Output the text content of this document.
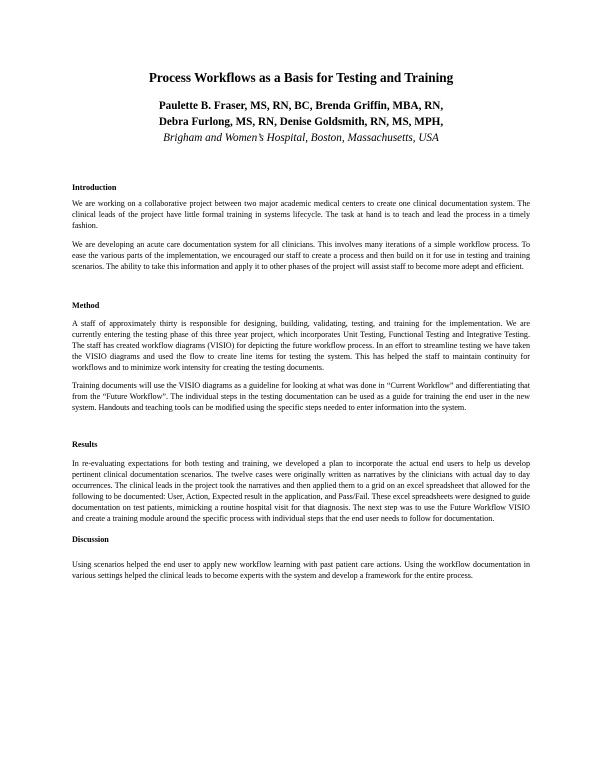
Process Workflows as a Basis for Testing and Training
Paulette B. Fraser, MS, RN, BC, Brenda Griffin, MBA, RN,
Debra Furlong, MS, RN, Denise Goldsmith, RN, MS, MPH,
Brigham and Women’s Hospital, Boston, Massachusetts, USA
Introduction

We are working on a collaborative project between two major academic medical centers to create one clinical documentation system. The clinical leads of the project have little formal training in systems lifecycle. The task at hand is to teach and lead the process in a timely fashion.

We are developing an acute care documentation system for all clinicians. This involves many iterations of a simple workflow process. To ease the various parts of the implementation, we encouraged our staff to create a process and then build on it for use in testing and training scenarios. The ability to take this information and apply it to other phases of the project will assist staff to become more adept and efficient.

Method

A staff of approximately thirty is responsible for designing, building, validating, testing, and training for the implementation. We are currently entering the testing phase of this three year project, which incorporates Unit Testing, Functional Testing and Integrative Testing. The staff has created workflow diagrams (VISIO) for depicting the future workflow process. In an effort to streamline testing we have taken the VISIO diagrams and used the flow to create line items for testing the system. This has helped the staff to maintain continuity for workflows and to minimize work intensity for creating the testing documents.

Training documents will use the VISIO diagrams as a guideline for looking at what was done in “Current Workflow” and differentiating that from the “Future Workflow”. The individual steps in the testing documentation can be used as a guide for training the end user in the new system. Handouts and teaching tools can be modified using the specific steps needed to enter information into the system.

Results

In re-evaluating expectations for both testing and training, we developed a plan to incorporate the actual end users to help us develop pertinent clinical documentation scenarios. The twelve cases were originally written as narratives by the clinicians with actual day to day occurrences. The clinical leads in the project took the narratives and then applied them to a grid on an excel spreadsheet that allowed for the following to be documented: User, Action, Expected result in the application, and Pass/Fail. These excel spreadsheets were designed to guide documentation on test patients, mimicking a routine hospital visit for that diagnosis. The next step was to use the Future Workflow VISIO and create a training module around the specific process with individual steps that the end user needs to follow for documentation.

Discussion

Using scenarios helped the end user to apply new workflow learning with past patient care actions. Using the workflow documentation in various settings helped the clinical leads to become experts with the system and develop a framework for the entire process.
